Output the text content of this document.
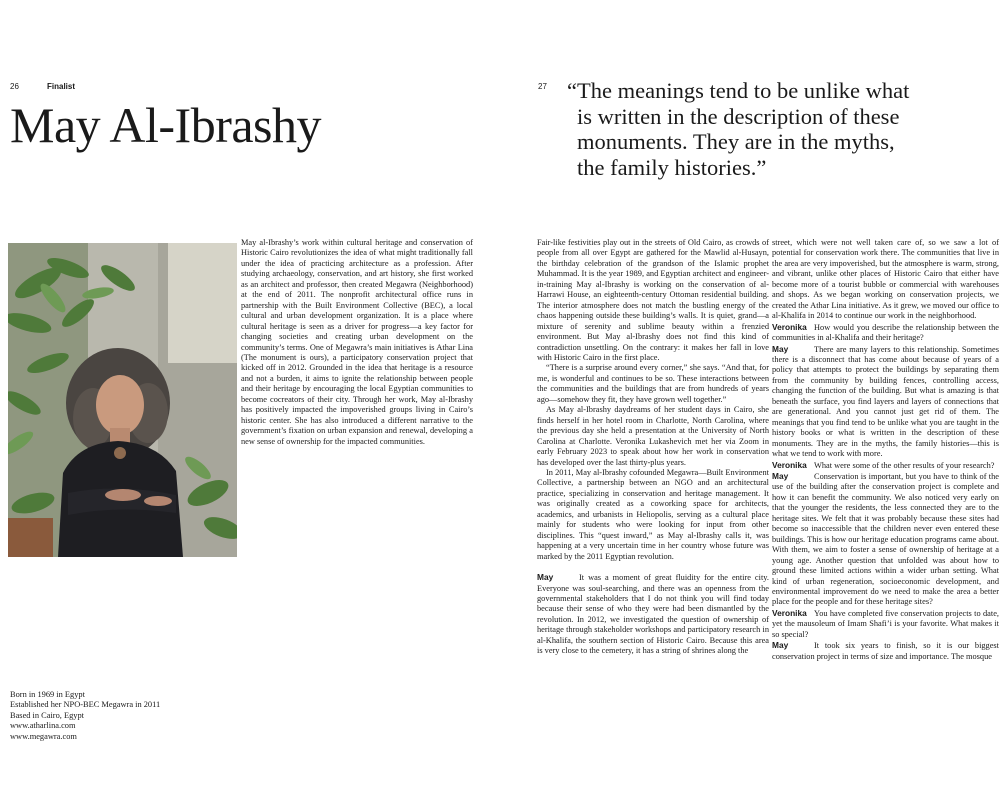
26	Finalist
May Al-Ibrashy

May al-Ibrashy’s work within cultural heritage and conservation of Historic Cairo revolutionizes the idea of what might traditionally fall under the idea of practicing architecture as a profession. After studying archaeology, conservation, and art history, she first worked as an architect and professor, then created Megawra (Neighborhood) at the end of 2011. The nonprofit architectural office runs in partnership with the Built Environment Collective (BEC), a local cultural and urban development organization. It is a place where cultural heritage is seen as a driver for progress—a key factor for changing societies and creating urban development on the community’s terms. One of Megawra’s main initiatives is Athar Lina (The monument is ours), a participatory conservation project that kicked off in 2012. Grounded in the idea that heritage is a resource and not a burden, it aims to ignite the relationship between people and their heritage by encouraging the local Egyptian communities to become cocreators of their city. Through her work, May al-Ibrashy has positively impacted the impoverished groups living in Cairo’s historic center. She has also introduced a different narrative to the government’s fixation on urban expansion and renewal, developing a new sense of ownership for the impacted communities.

Born in 1969 in Egypt
Established her NPO-BEC Megawra in 2011
Based in Cairo, Egypt
www.atharlina.com
www.megawra.com
27 “The meanings tend to be unlike what
is written in the description of these
monuments. They are in the myths,
the family histories.”

Fair-like festivities play out in the streets of Old Cairo, as crowds of people from all over Egypt are gathered for the Mawlid al-Husayn, the birthday celebration of the grandson of the Islamic prophet Muhammad. It is the year 1989, and Egyptian architect and engineer-in-training May al-Ibrashy is working on the conservation of al-Harrawi House, an eighteenth-century Ottoman residential building. The interior atmosphere does not match the bustling energy of the chaos happening outside these building’s walls. It is quiet, grand—a mixture of serenity and sublime beauty within a frenzied environment. But May al-Ibrashy does not find this kind of contradiction unsettling. On the contrary: it makes her fall in love with Historic Cairo in the first place.

“There is a surprise around every corner,” she says. “And that, for me, is wonderful and continues to be so. These interactions between the communities and the buildings that are from hundreds of years ago—somehow they fit, they have grown well together.”

As May al-Ibrashy daydreams of her student days in Cairo, she finds herself in her hotel room in Charlotte, North Carolina, where the previous day she held a presentation at the University of North Carolina at Charlotte. Veronika Lukashevich met her via Zoom in early February 2023 to speak about how her work in conservation has developed over the last thirty-plus years.

In 2011, May al-Ibrashy cofounded Megawra—Built Environment Collective, a partnership between an NGO and an architectural practice, specializing in conservation and heritage management. It was originally created as a coworking space for architects, academics, and urbanists in Heliopolis, serving as a cultural place mainly for students who were looking for input from other disciplines. This “quest inward,” as May al-Ibrashy calls it, was happening at a very uncertain time in her country whose future was marked by the 2011 Egyptian revolution.

May	It was a moment of great fluidity for the entire city. Everyone was soul-searching, and there was an openness from the governmental stakeholders that I do not think you will find today because their sense of who they were had been dismantled by the revolution. In 2012, we investigated the question of ownership of heritage through stakeholder workshops and participatory research in al-Khalifa, the southern section of Historic Cairo. Because this area is very close to the cemetery, it has a string of shrines along the

street, which were not well taken care of, so we saw a lot of potential for conservation work there. The communities that live in the area are very impoverished, but the atmosphere is warm, strong, and vibrant, unlike other places of Historic Cairo that either have become more of a tourist bubble or commercial with warehouses and shops. As we began working on conservation projects, we created the Athar Lina initiative. As it grew, we moved our office to al-Khalifa in 2014 to continue our work in the neighborhood.

Veronika How would you describe the relationship between the communities in al-Khalifa and their heritage?

May	There are many layers to this relationship. Sometimes there is a disconnect that has come about because of years of a policy that attempts to protect the buildings by separating them from the community by building fences, controlling access, changing the function of the building. But what is amazing is that beneath the surface, you find layers and layers of connections that are generational. And you cannot just get rid of them. The meanings that you find tend to be unlike what you are taught in the history books or what is written in the description of these monuments. They are in the myths, the family histories—this is what we tend to work with more.

Veronika What were some of the other results of your research?

May	Conservation is important, but you have to think of the use of the building after the conservation project is complete and how it can benefit the community. We also noticed very early on that the younger the residents, the less connected they are to the heritage sites. We felt that it was probably because these sites had become so inaccessible that the children never even entered these buildings. This is how our heritage education programs came about. With them, we aim to foster a sense of ownership of heritage at a young age. Another question that unfolded was about how to ground these limited actions within a wider urban setting. What kind of urban regeneration, socioeconomic development, and environmental improvement do we need to make the area a better place for the people and for these heritage sites?

Veronika You have completed five conservation projects to date, yet the mausoleum of Imam Shafi’i is your favorite. What makes it so special?

May	It took six years to finish, so it is our biggest conservation project in terms of size and importance. The mosque
